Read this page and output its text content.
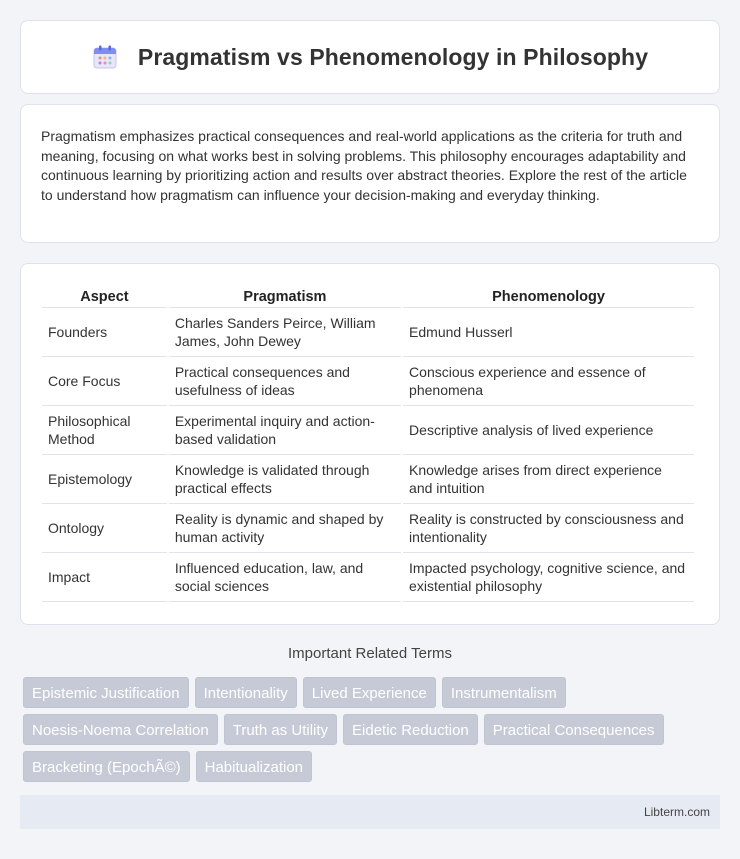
Pragmatism vs Phenomenology in Philosophy

Pragmatism emphasizes practical consequences and real-world applications as the criteria for truth and meaning, focusing on what works best in solving problems. This philosophy encourages adaptability and continuous learning by prioritizing action and results over abstract theories. Explore the rest of the article to understand how pragmatism can influence your decision-making and everyday thinking.

Aspect	Pragmatism	Phenomenology
Founders	Charles Sanders Peirce, William James, John Dewey	Edmund Husserl
Core Focus	Practical consequences and usefulness of ideas	Conscious experience and essence of phenomena
Philosophical Method	Experimental inquiry and action-based validation	Descriptive analysis of lived experience
Epistemology	Knowledge is validated through practical effects	Knowledge arises from direct experience and intuition
Ontology	Reality is dynamic and shaped by human activity	Reality is constructed by consciousness and intentionality
Impact	Influenced education, law, and social sciences	Impacted psychology, cognitive science, and existential philosophy
Important Related Terms
Epistemic Justification	Intentionality	Lived Experience	Instrumentalism
Noesis-Noema Correlation	Truth as Utility	Eidetic Reduction	Practical Consequences
Bracketing (EpochÃ©)	Habitualization
Libterm.com
